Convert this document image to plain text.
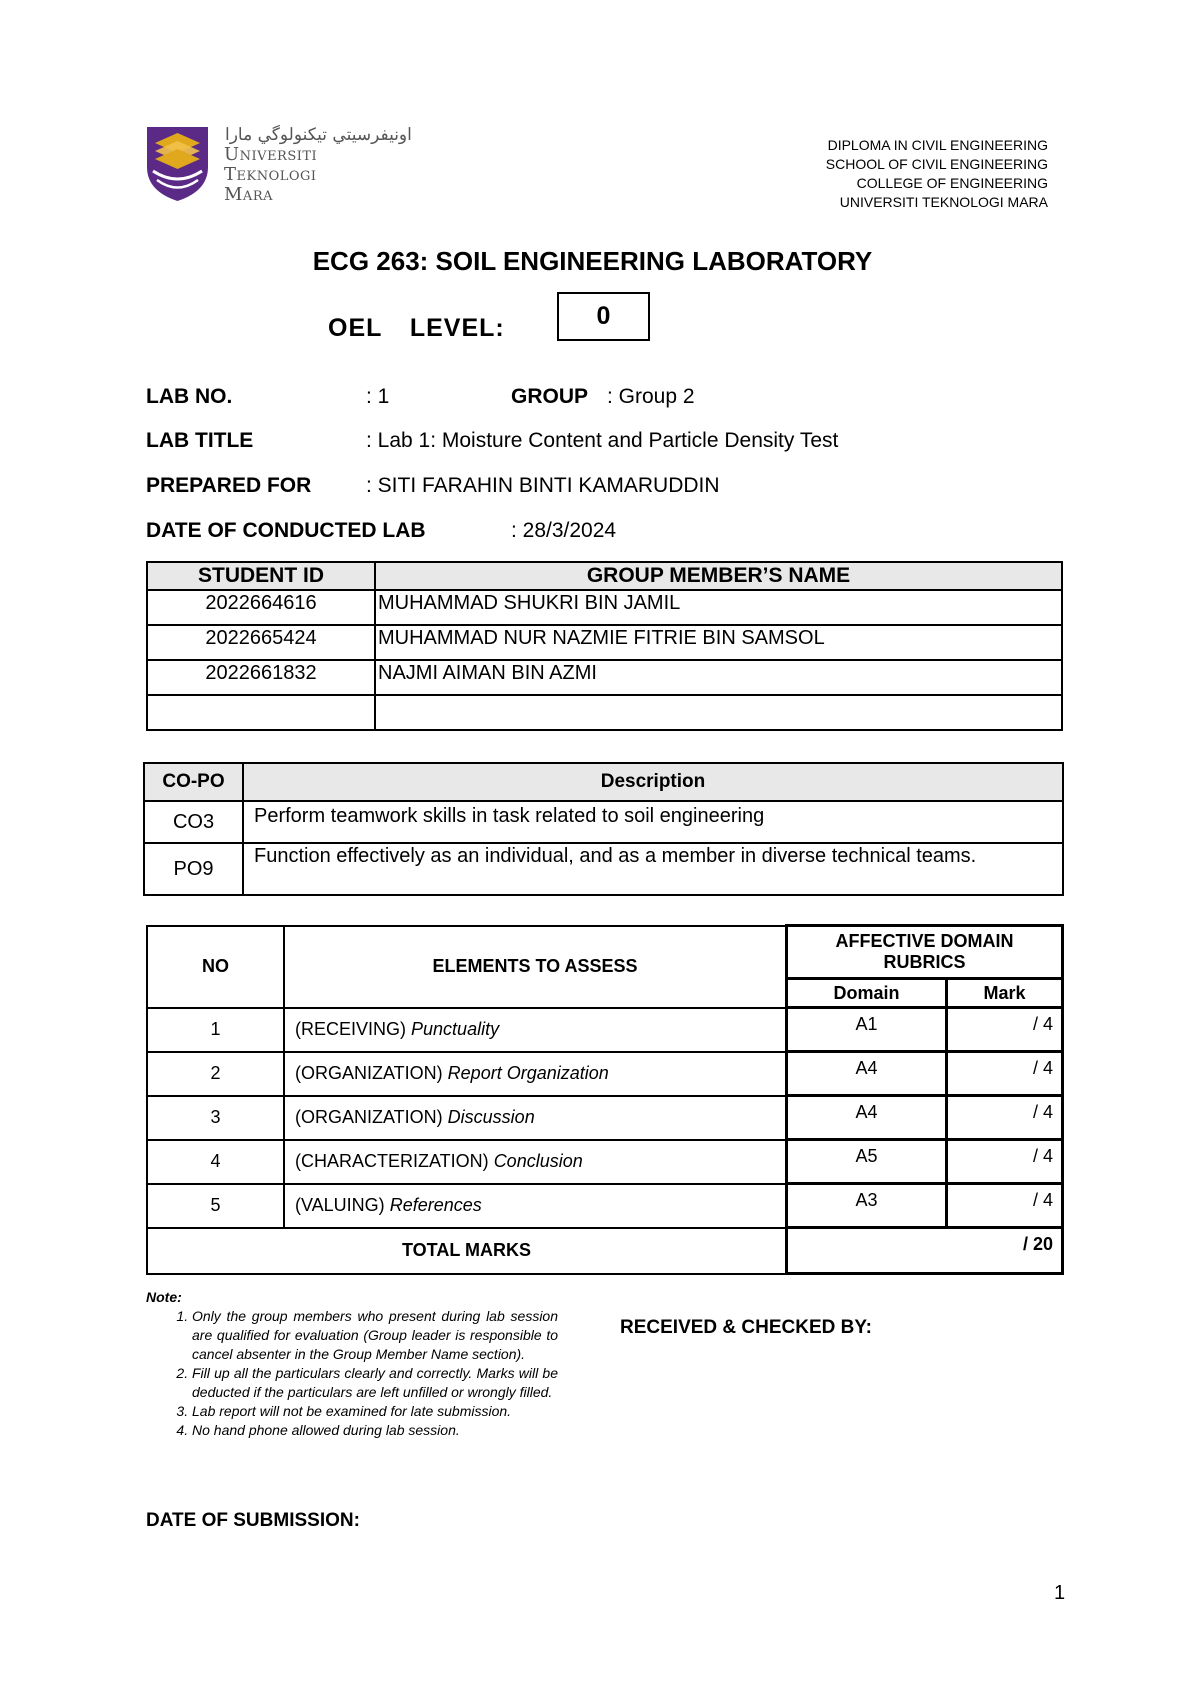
ﺍﻭﻧﻴﻔﺮﺳﻴﺘﻲ ﺗﻴﻜﻨﻮﻟﻮﮔﻲ ﻣﺎﺭﺍ
Universiti
Teknologi
Mara
DIPLOMA IN CIVIL ENGINEERING
SCHOOL OF CIVIL ENGINEERING
COLLEGE OF ENGINEERING
UNIVERSITI TEKNOLOGI MARA
ECG 263: SOIL ENGINEERING LABORATORY
OEL  LEVEL:	0
LAB NO.	: 1	GROUP : Group 2
LAB TITLE	: Lab 1: Moisture Content and Particle Density Test
PREPARED FOR	: SITI FARAHIN BINTI KAMARUDDIN
DATE OF CONDUCTED LAB	: 28/3/2024
STUDENT ID	GROUP MEMBER’S NAME
2022664616	MUHAMMAD SHUKRI BIN JAMIL
2022665424	MUHAMMAD NUR NAZMIE FITRIE BIN SAMSOL
2022661832	NAJMI AIMAN BIN AZMI

CO-PO	Description
CO3	Perform teamwork skills in task related to soil engineering
PO9	Function effectively as an individual, and as a member in diverse technical teams.
NO	ELEMENTS TO ASSESS	AFFECTIVE DOMAIN RUBRICS	
		Domain	Mark
1	(RECEIVING) Punctuality	A1	/ 4
2	(ORGANIZATION) Report Organization	A4	/ 4
3	(ORGANIZATION) Discussion	A4	/ 4
4	(CHARACTERIZATION) Conclusion	A5	/ 4
5	(VALUING) References	A3	/ 4
TOTAL MARKS		/ 20	
Note:
1. Only the group members who present during lab session are qualified for evaluation (Group leader is responsible to cancel absenter in the Group Member Name section).
2. Fill up all the particulars clearly and correctly. Marks will be deducted if the particulars are left unfilled or wrongly filled.
3. Lab report will not be examined for late submission.
4. No hand phone allowed during lab session.
RECEIVED & CHECKED BY:
DATE OF SUBMISSION:
1
